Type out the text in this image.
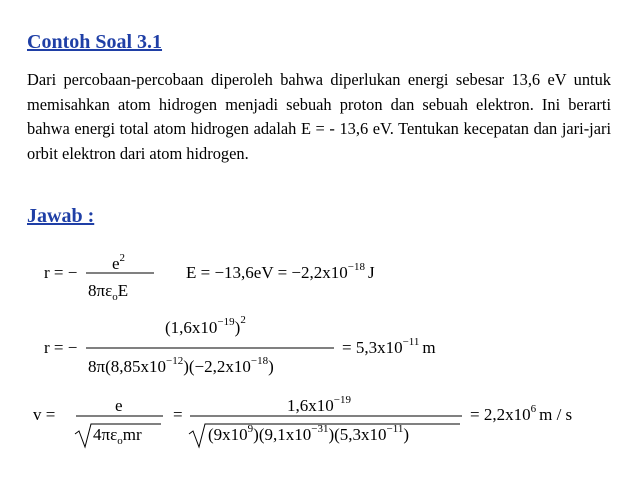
Contoh Soal 3.1
Dari percobaan-percobaan diperoleh bahwa diperlukan energi sebesar 13,6 eV untuk memisahkan atom hidrogen menjadi sebuah proton dan sebuah elektron. Ini berarti bahwa energi total atom hidrogen adalah E = - 13,6 eV. Tentukan kecepatan dan jari-jari orbit elektron dari atom hidrogen.
Jawab :
r = − $e^2$
$8\pi\varepsilon_oE$
$E = -13,6eV = -2,2x10^{-18}$ J
r = −
$(1,6x10^{-19})^2$
$8\pi(8,85x10^{-12})(-2,2x10^{-18})$
= $5,3x10^{-11}$ m
v =	e
$4\pi\varepsilon_omr$
=	$1,6x10^{-19}$
$(9x10^9)(9,1x10^{-31})(5,3x10^{-11})$
= $2,2x10^6$ m / s
